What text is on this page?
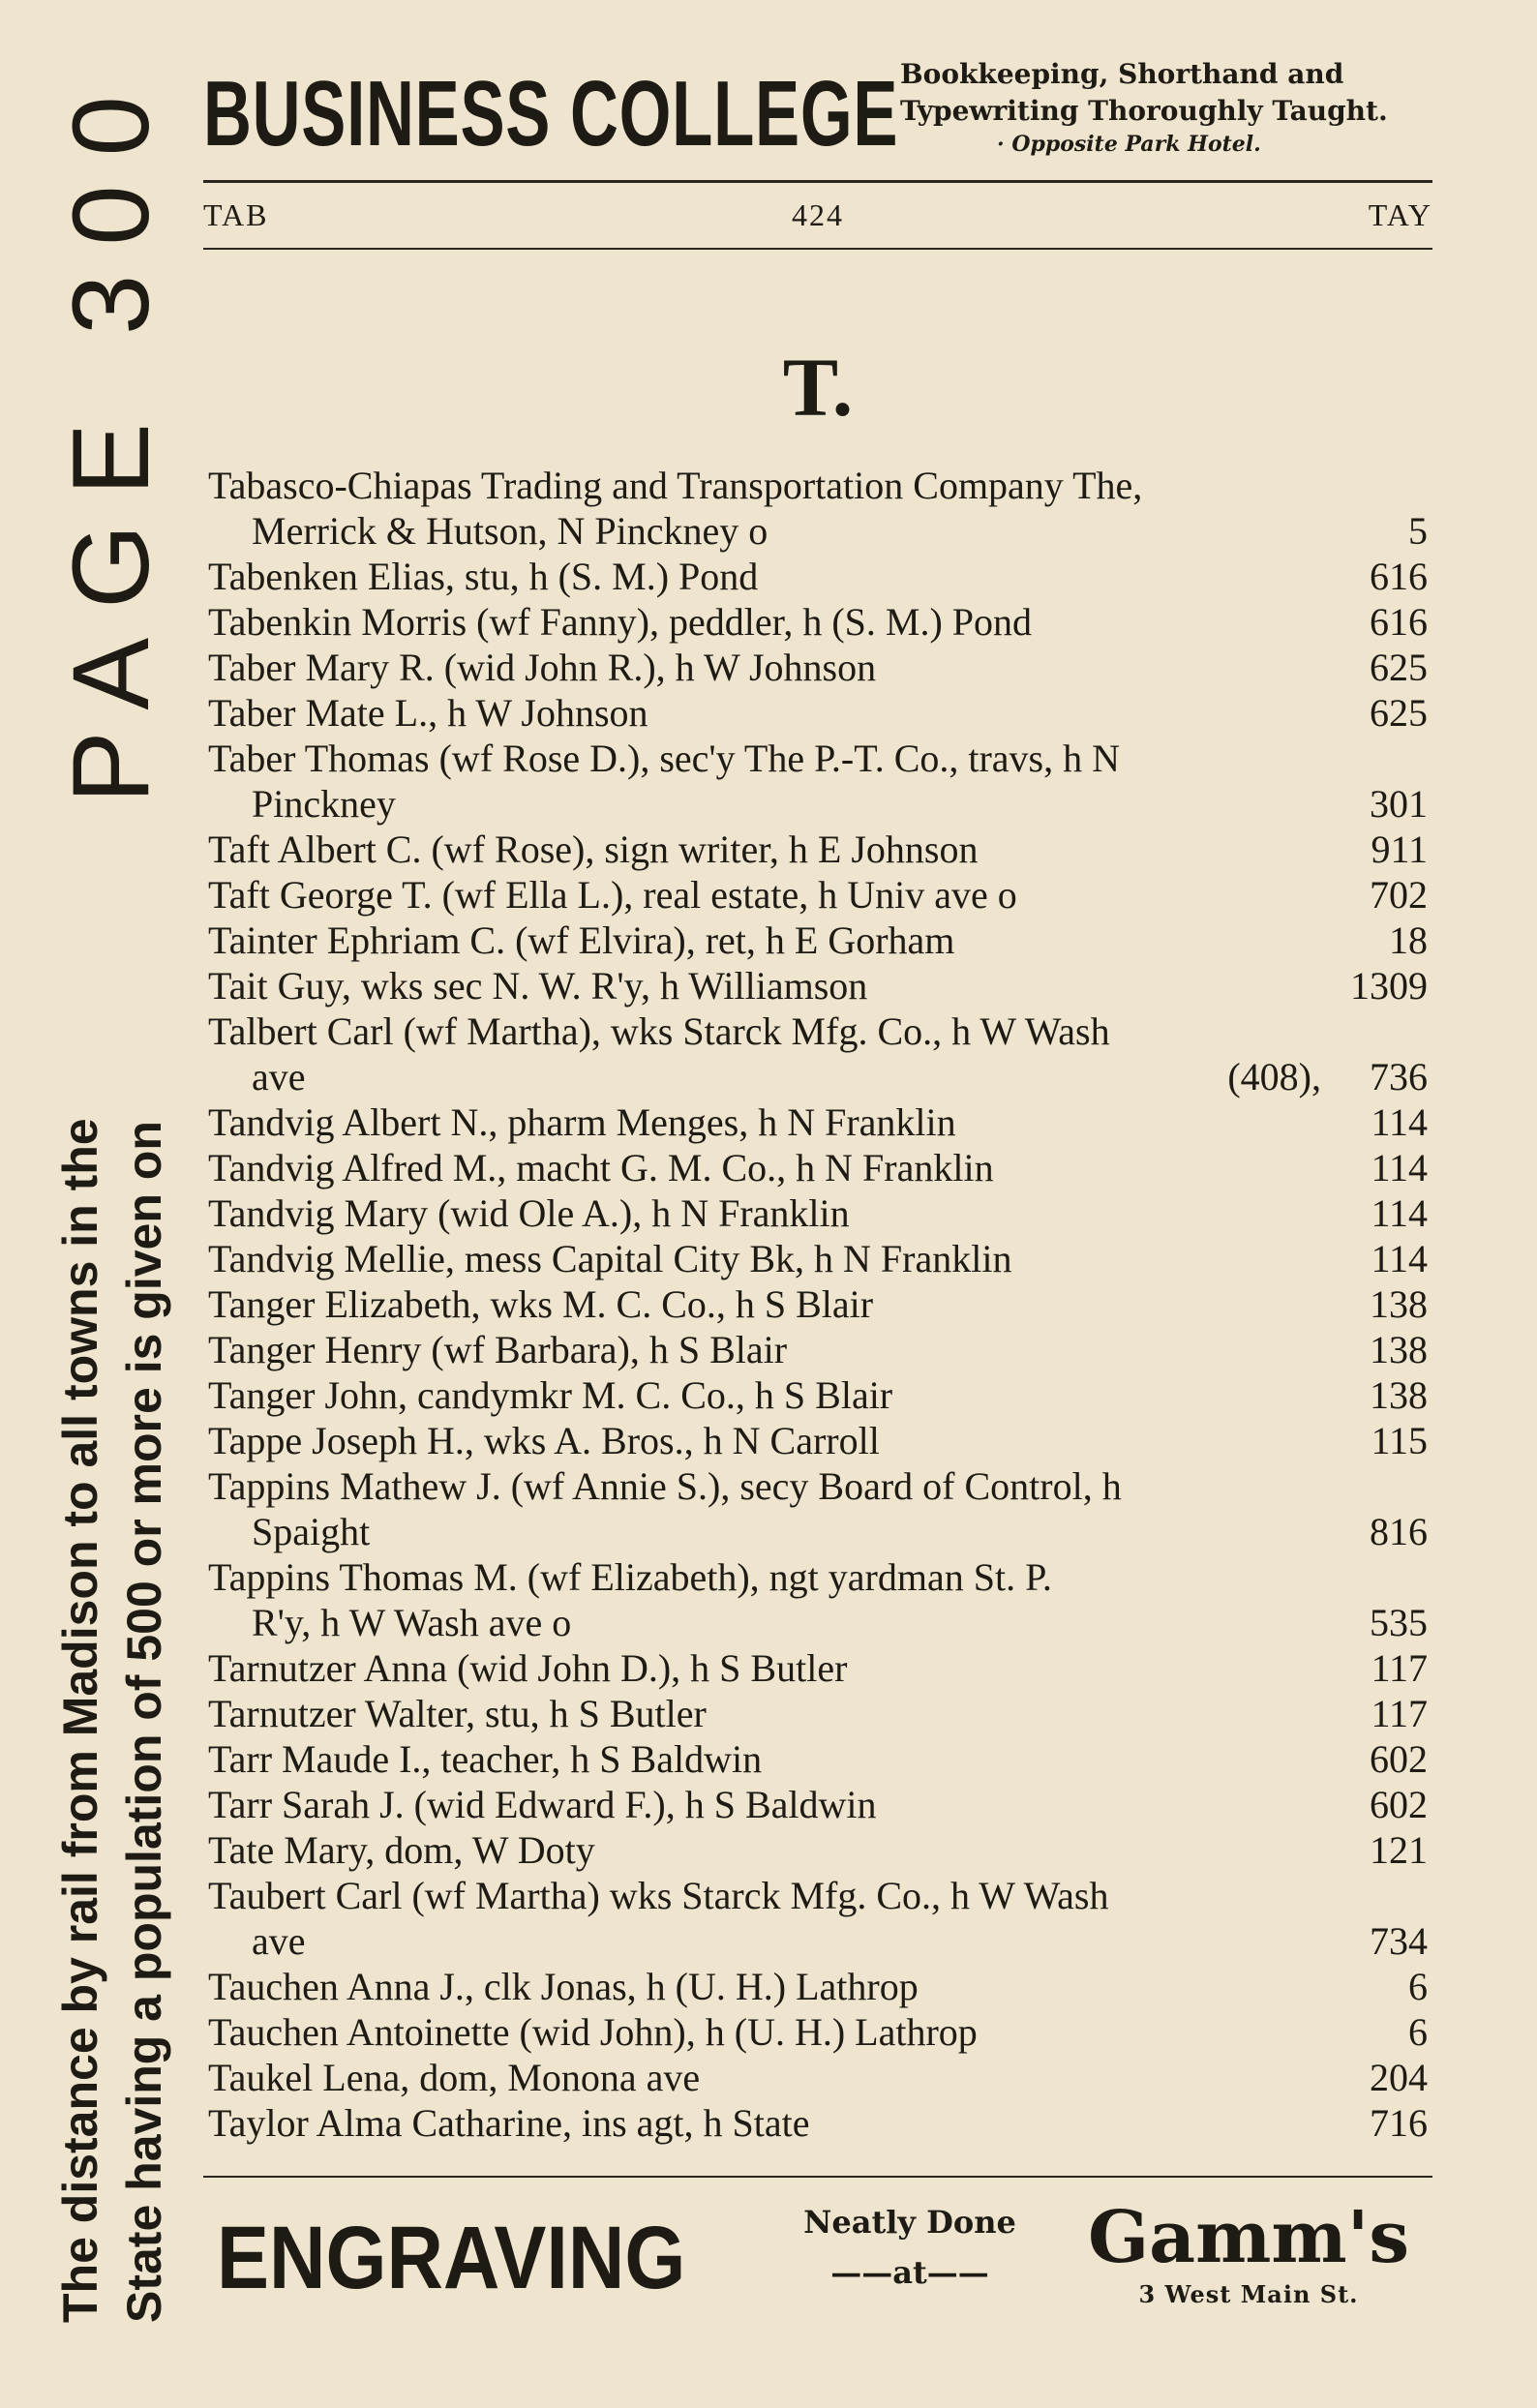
The distance by rail from Madison to all towns in the State having a population of 500 or more is given on
PAGE 300 BUSINESS COLLEGE Bookkeeping, Shorthand and
Typewriting Thoroughly Taught.
· Opposite Park Hotel.
TAB	424	TAY
T.
Tabasco-Chiapas Trading and Transportation Company The,
Merrick & Hutson, N Pinckney o	5
Tabenken Elias, stu, h (S. M.) Pond	616
Tabenkin Morris (wf Fanny), peddler, h (S. M.) Pond	616
Taber Mary R. (wid John R.), h W Johnson	625
Taber Mate L., h W Johnson	625
Taber Thomas (wf Rose D.), sec'y The P.-T. Co., travs, h N
Pinckney	301
Taft Albert C. (wf Rose), sign writer, h E Johnson	911
Taft George T. (wf Ella L.), real estate, h Univ ave o	702
Tainter Ephriam C. (wf Elvira), ret, h E Gorham	18
Tait Guy, wks sec N. W. R'y, h Williamson	1309
Talbert Carl (wf Martha), wks Starck Mfg. Co., h W Wash
ave	(408), 736
Tandvig Albert N., pharm Menges, h N Franklin	114
Tandvig Alfred M., macht G. M. Co., h N Franklin	114
Tandvig Mary (wid Ole A.), h N Franklin	114
Tandvig Mellie, mess Capital City Bk, h N Franklin	114
Tanger Elizabeth, wks M. C. Co., h S Blair	138
Tanger Henry (wf Barbara), h S Blair	138
Tanger John, candymkr M. C. Co., h S Blair	138
Tappe Joseph H., wks A. Bros., h N Carroll	115
Tappins Mathew J. (wf Annie S.), secy Board of Control, h
Spaight	816
Tappins Thomas M. (wf Elizabeth), ngt yardman St. P.
R'y, h W Wash ave o	535
Tarnutzer Anna (wid John D.), h S Butler	117
Tarnutzer Walter, stu, h S Butler	117
Tarr Maude I., teacher, h S Baldwin	602
Tarr Sarah J. (wid Edward F.), h S Baldwin	602
Tate Mary, dom, W Doty	121
Taubert Carl (wf Martha) wks Starck Mfg. Co., h W Wash
ave	734
Tauchen Anna J., clk Jonas, h (U. H.) Lathrop	6
Tauchen Antoinette (wid John), h (U. H.) Lathrop	6
Taukel Lena, dom, Monona ave	204
Taylor Alma Catharine, ins agt, h State	716
ENGRAVING	Neatly Done
——at——	Gamm's
3 West Main St.
